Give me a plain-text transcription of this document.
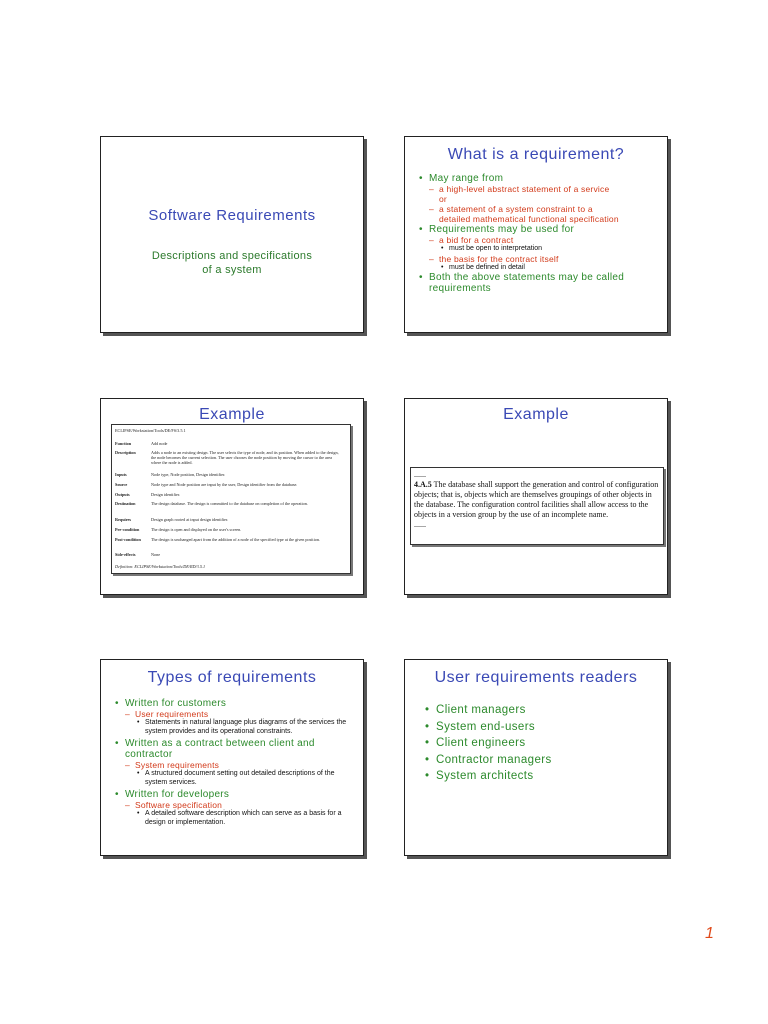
Software Requirements
Descriptions and specifications
of a system
What is a requirement?
• May range from
– a high-level abstract statement of a service
or
– a statement of a system constraint to a
detailed mathematical functional specification
• Requirements may be used for
– a bid for a contract
• must be open to interpretation
– the basis for the contract itself
• must be defined in detail
• Both the above statements may be called
requirements
Example
ECLIPSE/Workstation/Tools/DE/FS/3.5.1
Function	Add node
Description	Adds a node to an existing design. The user selects the type of node, and its position. When added to the design, the node becomes the current selection. The user chooses the node position by moving the cursor to the area where the node is added.
Inputs	Node type, Node position, Design identifier.
Source	Node type and Node position are input by the user, Design identifier from the database.
Outputs	Design identifier.
Destination	The design database. The design is committed to the database on completion of the operation.
Requires	Design graph rooted at input design identifier.
Pre-condition	The design is open and displayed on the user's screen.
Post-condition The design is unchanged apart from the addition of a node of the specified type at the given position.
Side-effects	None
Definition: ECLIPSE/Workstation/Tools/DE/RD/3.5.1
Example
......
4.A.5 The database shall support the generation and control of configuration objects; that is, objects which are themselves groupings of other objects in the database. The configuration control facilities shall allow access to the objects in a version group by the use of an incomplete name.
......
Types of requirements
• Written for customers
– User requirements
• Statements in natural language plus diagrams of the services the system provides and its operational constraints.
• Written as a contract between client and contractor
– System requirements
• A structured document setting out detailed descriptions of the system services.
• Written for developers
– Software specification
• A detailed software description which can serve as a basis for a design or implementation.
User requirements readers
• Client managers
• System end-users
• Client engineers
• Contractor managers
• System architects
1
